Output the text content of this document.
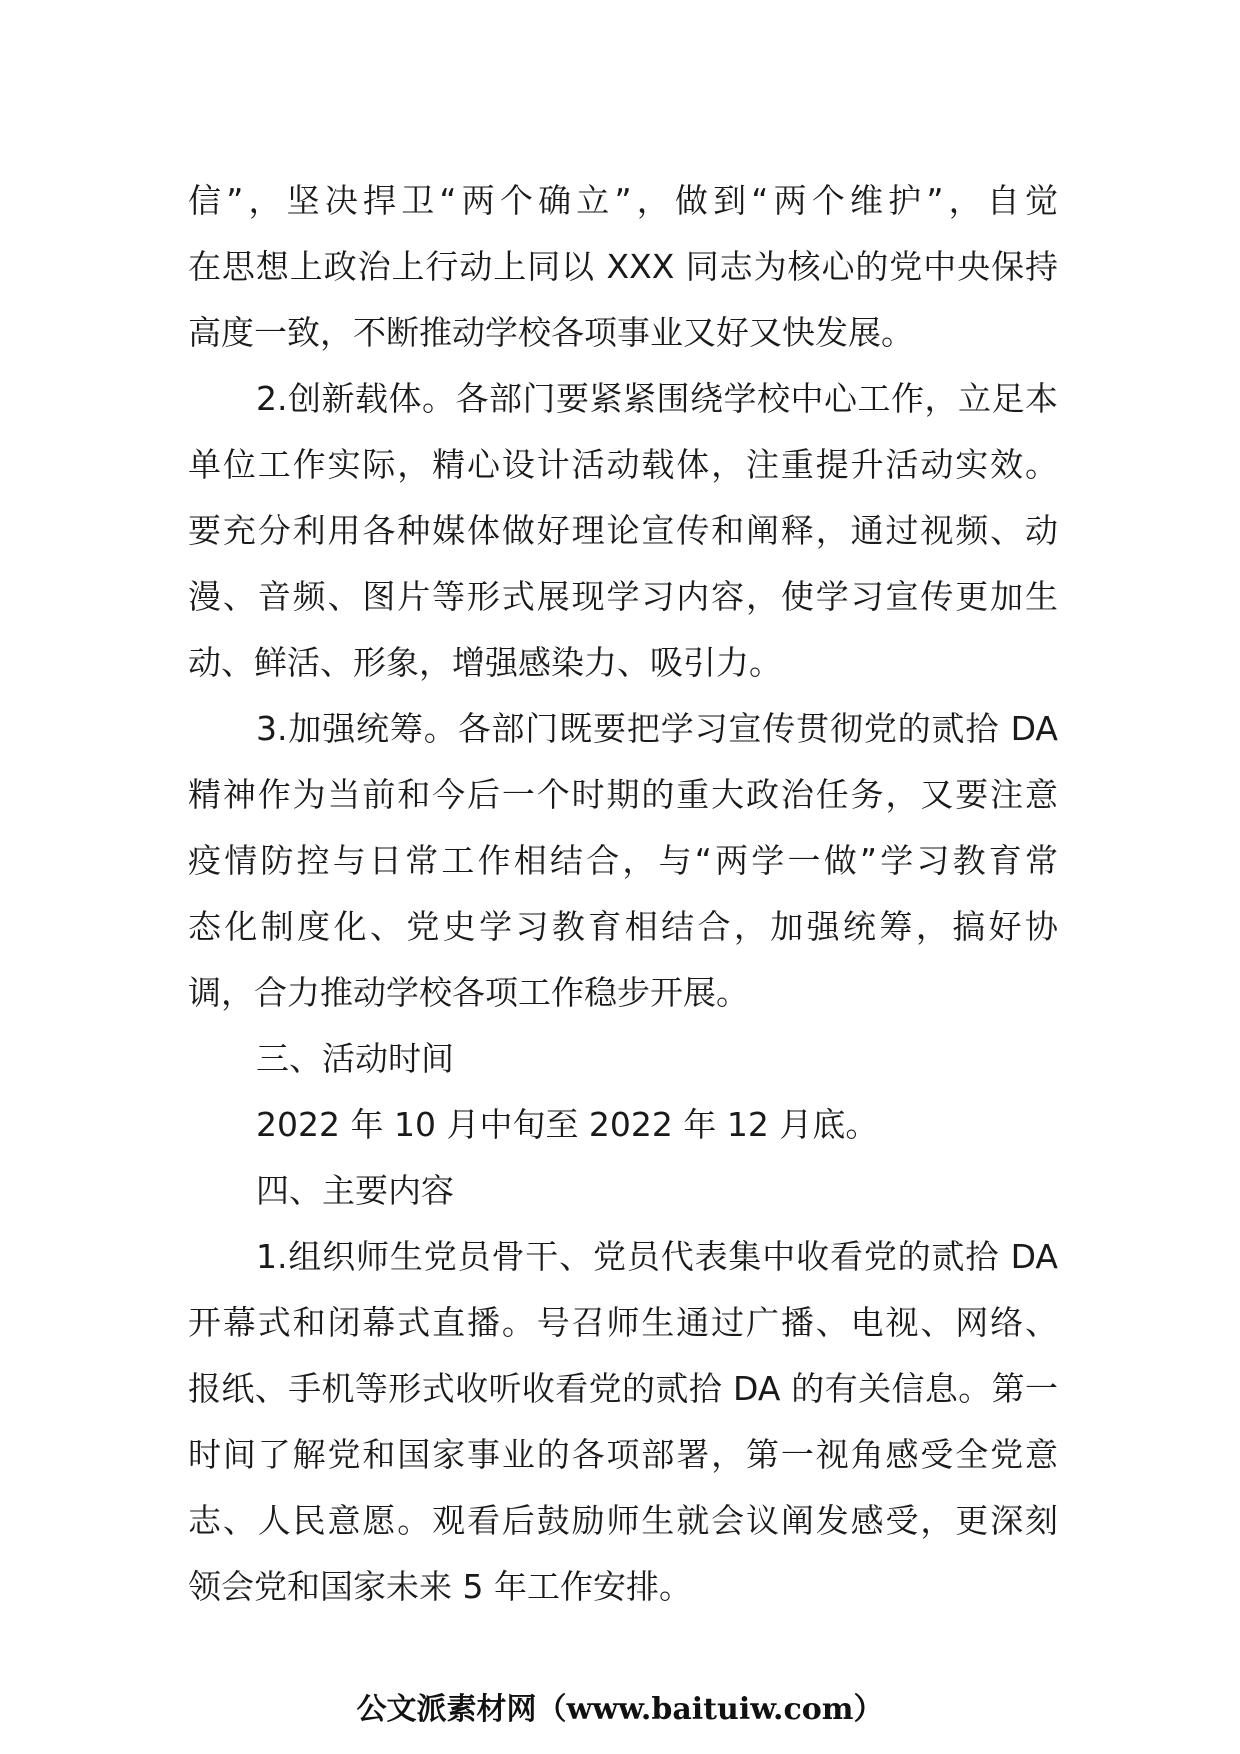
信”，坚决捍卫“两个确立”，做到“两个维护”，自觉
在思想上政治上行动上同以 XXX 同志为核心的党中央保持
高度一致，不断推动学校各项事业又好又快发展。
2.创新载体。各部门要紧紧围绕学校中心工作，立足本
单位工作实际，精心设计活动载体，注重提升活动实效。
要充分利用各种媒体做好理论宣传和阐释，通过视频、动
漫、音频、图片等形式展现学习内容，使学习宣传更加生
动、鲜活、形象，增强感染力、吸引力。
3.加强统筹。各部门既要把学习宣传贯彻党的贰拾 DA
精神作为当前和今后一个时期的重大政治任务，又要注意
疫情防控与日常工作相结合，与“两学一做”学习教育常
态化制度化、党史学习教育相结合，加强统筹，搞好协
调，合力推动学校各项工作稳步开展。
三、活动时间
2022 年 10 月中旬至 2022 年 12 月底。
四、主要内容
1.组织师生党员骨干、党员代表集中收看党的贰拾 DA
开幕式和闭幕式直播。号召师生通过广播、电视、网络、
报纸、手机等形式收听收看党的贰拾 DA 的有关信息。第一
时间了解党和国家事业的各项部署，第一视角感受全党意
志、人民意愿。观看后鼓励师生就会议阐发感受，更深刻
领会党和国家未来 5 年工作安排。
公文派素材网（www.baituiw.com）
